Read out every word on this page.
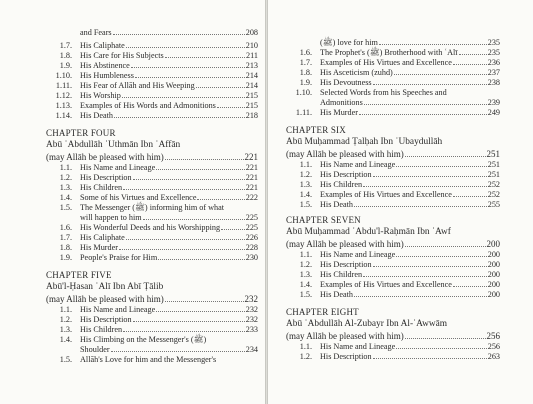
and Fears	208
1.7. His Caliphate	210
1.8. His Care for His Subjects	211
1.9. His Abstinence	213
1.10. His Humbleness	214
1.11. His Fear of Allāh and His Weeping	214
1.12. His Worship	215
1.13. Examples of His Words and Admonitions	215
1.14. His Death	218
CHAPTER FOUR
Abū ʿAbdullāh ʿUthmān Ibn ʿAffān
(may Allāh be pleased with him)	221
1.1. His Name and Lineage	221
1.2. His Description	221
1.3. His Children	221
1.4. Some of his Virtues and Excellence	222
1.5. The Messenger (ﷺ) informing him of what
will happen to him	225
1.6. His Wonderful Deeds and his Worshipping	225
1.7. His Caliphate	226
1.8. His Murder	228
1.9. People's Praise for Him	230
CHAPTER FIVE
Abū'l-Ḥasan ʿAlī Ibn Abī Ṭālib
(may Allāh be pleased with him)	232
1.1. His Name and Lineage	232
1.2. His Description	232
1.3. His Children	233
1.4. His Climbing on the Messenger's (ﷺ)
Shoulder	234
1.5. Allāh's Love for him and the Messenger's
(ﷺ) love for him	235
1.6. The Prophet's (ﷺ) Brotherhood with ʿAlī	235
1.7. Examples of His Virtues and Excellence	236
1.8. His Asceticism (zuhd)	237
1.9. His Devoutness	238
1.10. Selected Words from his Speeches and
Admonitions	239
1.11. His Murder	249
CHAPTER SIX
Abū Muḥammad Ṭalḥah Ibn ʿUbaydullāh
(may Allāh be pleased with him)	251
1.1. His Name and Lineage	251
1.2. His Description	251
1.3. His Children	252
1.4. Examples of His Virtues and Excellence	252
1.5. His Death	255
CHAPTER SEVEN
Abū Muḥammad ʿAbdu'l-Raḥmān Ibn ʿAwf
(may Allāh be pleased with him)	200
1.1. His Name and Lineage	200
1.2. His Description	200
1.3. His Children	200
1.4. Examples of His Virtues and Excellence	200
1.5. His Death	200
CHAPTER EIGHT
Abū ʿAbdullāh Al-Zubayr Ibn Al-ʿAwwām
(may Allāh be pleased with him)	256
1.1. His Name and Lineage	256
1.2. His Description	263
